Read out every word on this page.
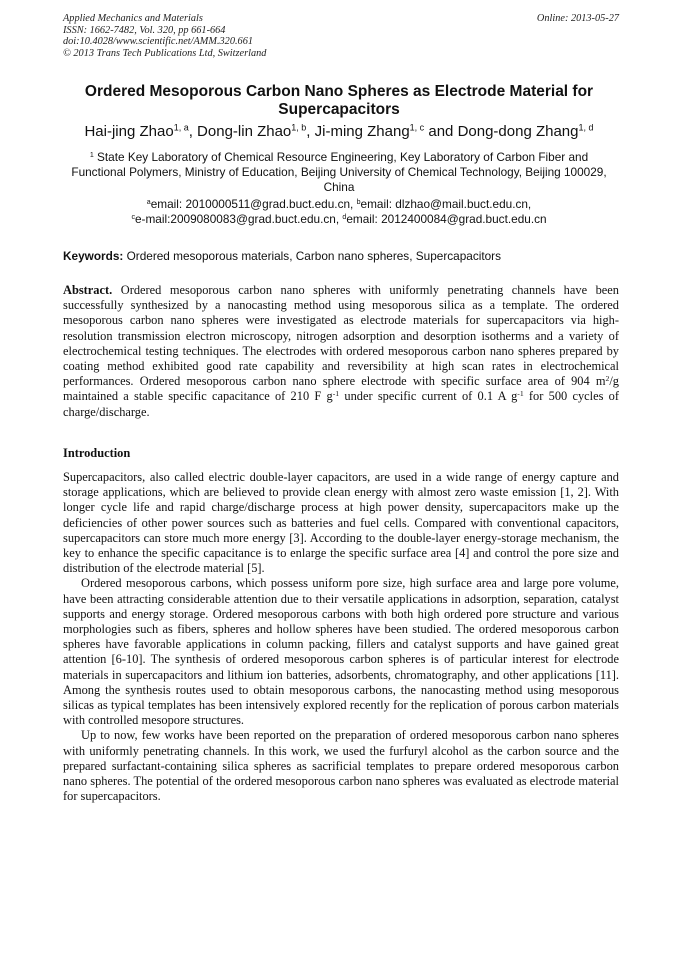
Applied Mechanics and Materials
ISSN: 1662-7482, Vol. 320, pp 661-664
doi:10.4028/www.scientific.net/AMM.320.661
© 2013 Trans Tech Publications Ltd, Switzerland
Online: 2013-05-27
Ordered Mesoporous Carbon Nano Spheres as Electrode Material for Supercapacitors
Hai-jing Zhao$^{1, a}$, Dong-lin Zhao$^{1, b}$, Ji-ming Zhang$^{1, c}$ and Dong-dong Zhang$^{1, d}$
$^1$ State Key Laboratory of Chemical Resource Engineering, Key Laboratory of Carbon Fiber and Functional Polymers, Ministry of Education, Beijing University of Chemical Technology, Beijing 100029, China
$^a$email: 2010000511@grad.buct.edu.cn, $^b$email: dlzhao@mail.buct.edu.cn,
$^c$e-mail:2009080083@grad.buct.edu.cn, $^d$email: 2012400084@grad.buct.edu.cn
Keywords: Ordered mesoporous materials, Carbon nano spheres, Supercapacitors
Abstract. Ordered mesoporous carbon nano spheres with uniformly penetrating channels have been successfully synthesized by a nanocasting method using mesoporous silica as a template. The ordered mesoporous carbon nano spheres were investigated as electrode materials for supercapacitors via high-resolution transmission electron microscopy, nitrogen adsorption and desorption isotherms and a variety of electrochemical testing techniques. The electrodes with ordered mesoporous carbon nano spheres prepared by coating method exhibited good rate capability and reversibility at high scan rates in electrochemical performances. Ordered mesoporous carbon nano sphere electrode with specific surface area of 904 $m^2/g$ maintained a stable specific capacitance of 210 F $g^{-1}$ under specific current of 0.1 A $g^{-1}$ for 500 cycles of charge/discharge.
Introduction

Supercapacitors, also called electric double-layer capacitors, are used in a wide range of energy capture and storage applications, which are believed to provide clean energy with almost zero waste emission [1, 2]. With longer cycle life and rapid charge/discharge process at high power density, supercapacitors make up the deficiencies of other power sources such as batteries and fuel cells. Compared with conventional capacitors, supercapacitors can store much more energy [3]. According to the double-layer energy-storage mechanism, the key to enhance the specific capacitance is to enlarge the specific surface area [4] and control the pore size and distribution of the electrode material [5].

Ordered mesoporous carbons, which possess uniform pore size, high surface area and large pore volume, have been attracting considerable attention due to their versatile applications in adsorption, separation, catalyst supports and energy storage. Ordered mesoporous carbons with both high ordered pore structure and various morphologies such as fibers, spheres and hollow spheres have been studied. The ordered mesoporous carbon spheres have favorable applications in column packing, fillers and catalyst supports and have gained great attention [6-10]. The synthesis of ordered mesoporous carbon spheres is of particular interest for electrode materials in supercapacitors and lithium ion batteries, adsorbents, chromatography, and other applications [11]. Among the synthesis routes used to obtain mesoporous carbons, the nanocasting method using mesoporous silicas as typical templates has been intensively explored recently for the replication of porous carbon materials with controlled mesopore structures.

Up to now, few works have been reported on the preparation of ordered mesoporous carbon nano spheres with uniformly penetrating channels. In this work, we used the furfuryl alcohol as the carbon source and the prepared surfactant-containing silica spheres as sacrificial templates to prepare ordered mesoporous carbon nano spheres. The potential of the ordered mesoporous carbon nano spheres was evaluated as electrode material for supercapacitors.
